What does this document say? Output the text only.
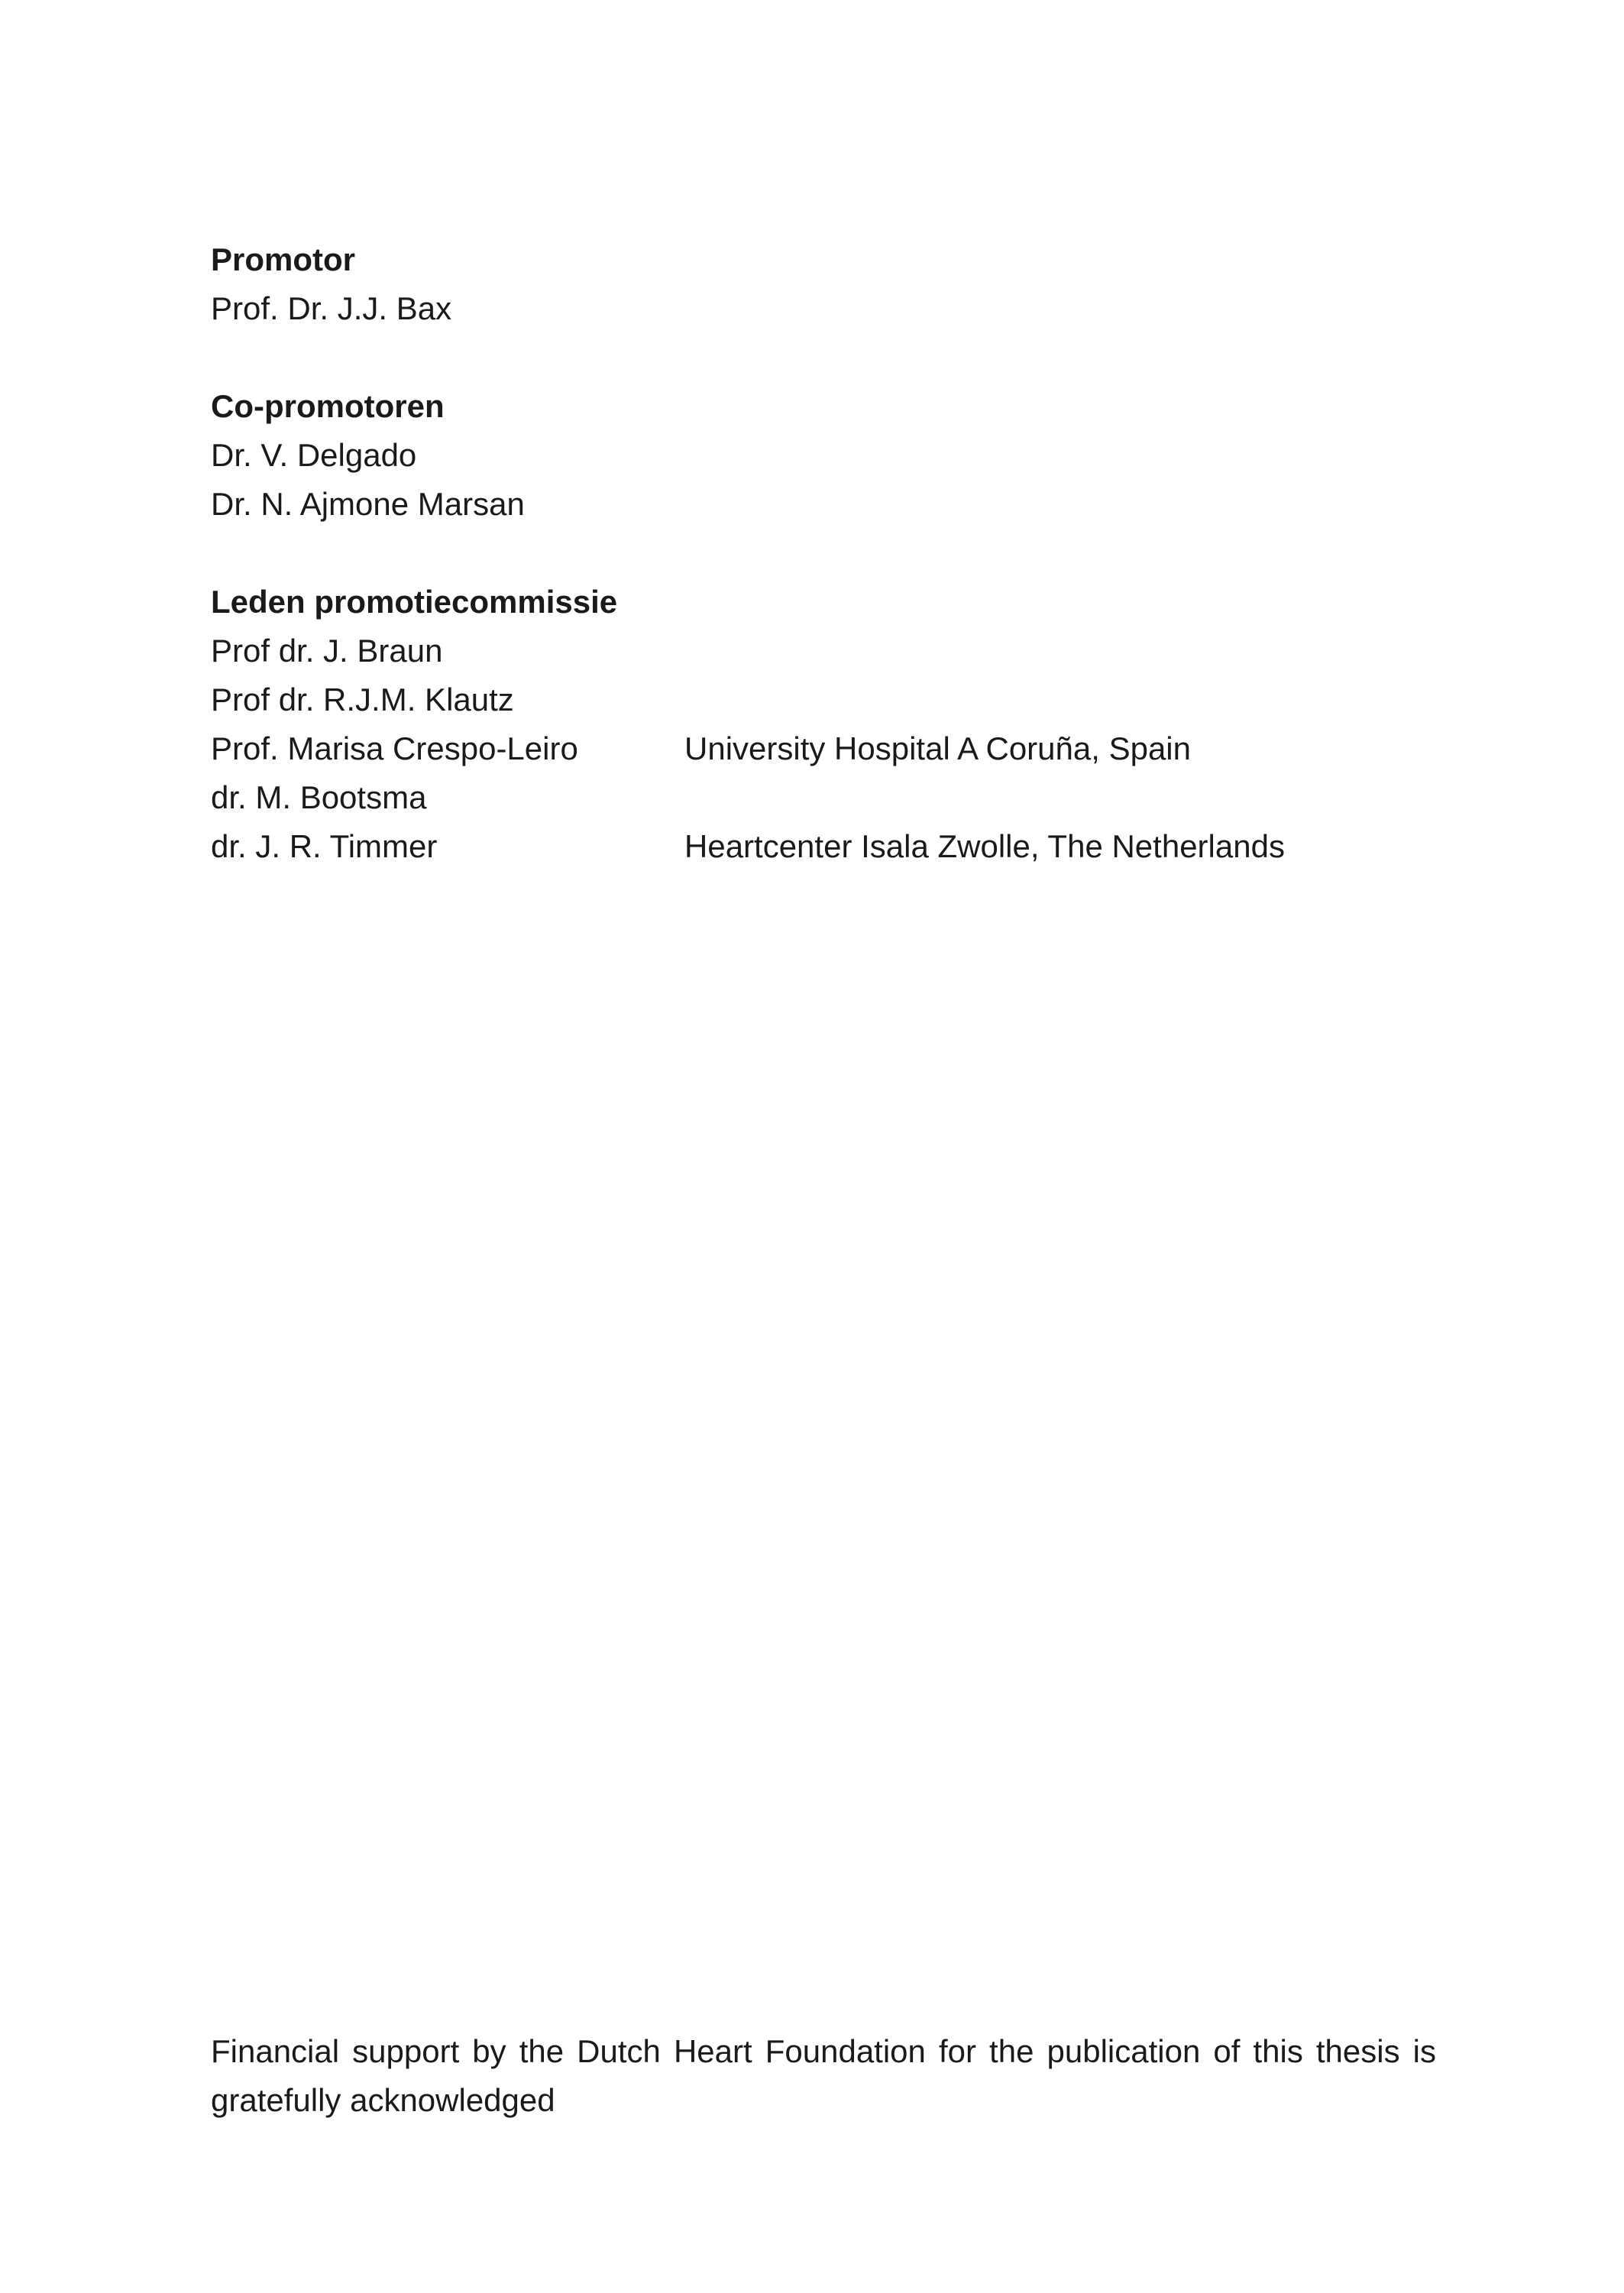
Promotor
Prof. Dr. J.J. Bax
Co-promotoren
Dr. V. Delgado
Dr. N. Ajmone Marsan
Leden promotiecommissie
Prof dr. J. Braun
Prof dr. R.J.M. Klautz
Prof. Marisa Crespo-Leiro	University Hospital A Coruña, Spain
dr. M. Bootsma
dr. J. R. Timmer	Heartcenter Isala Zwolle, The Netherlands

Financial support by the Dutch Heart Foundation for the publication of this thesis is gratefully acknowledged
